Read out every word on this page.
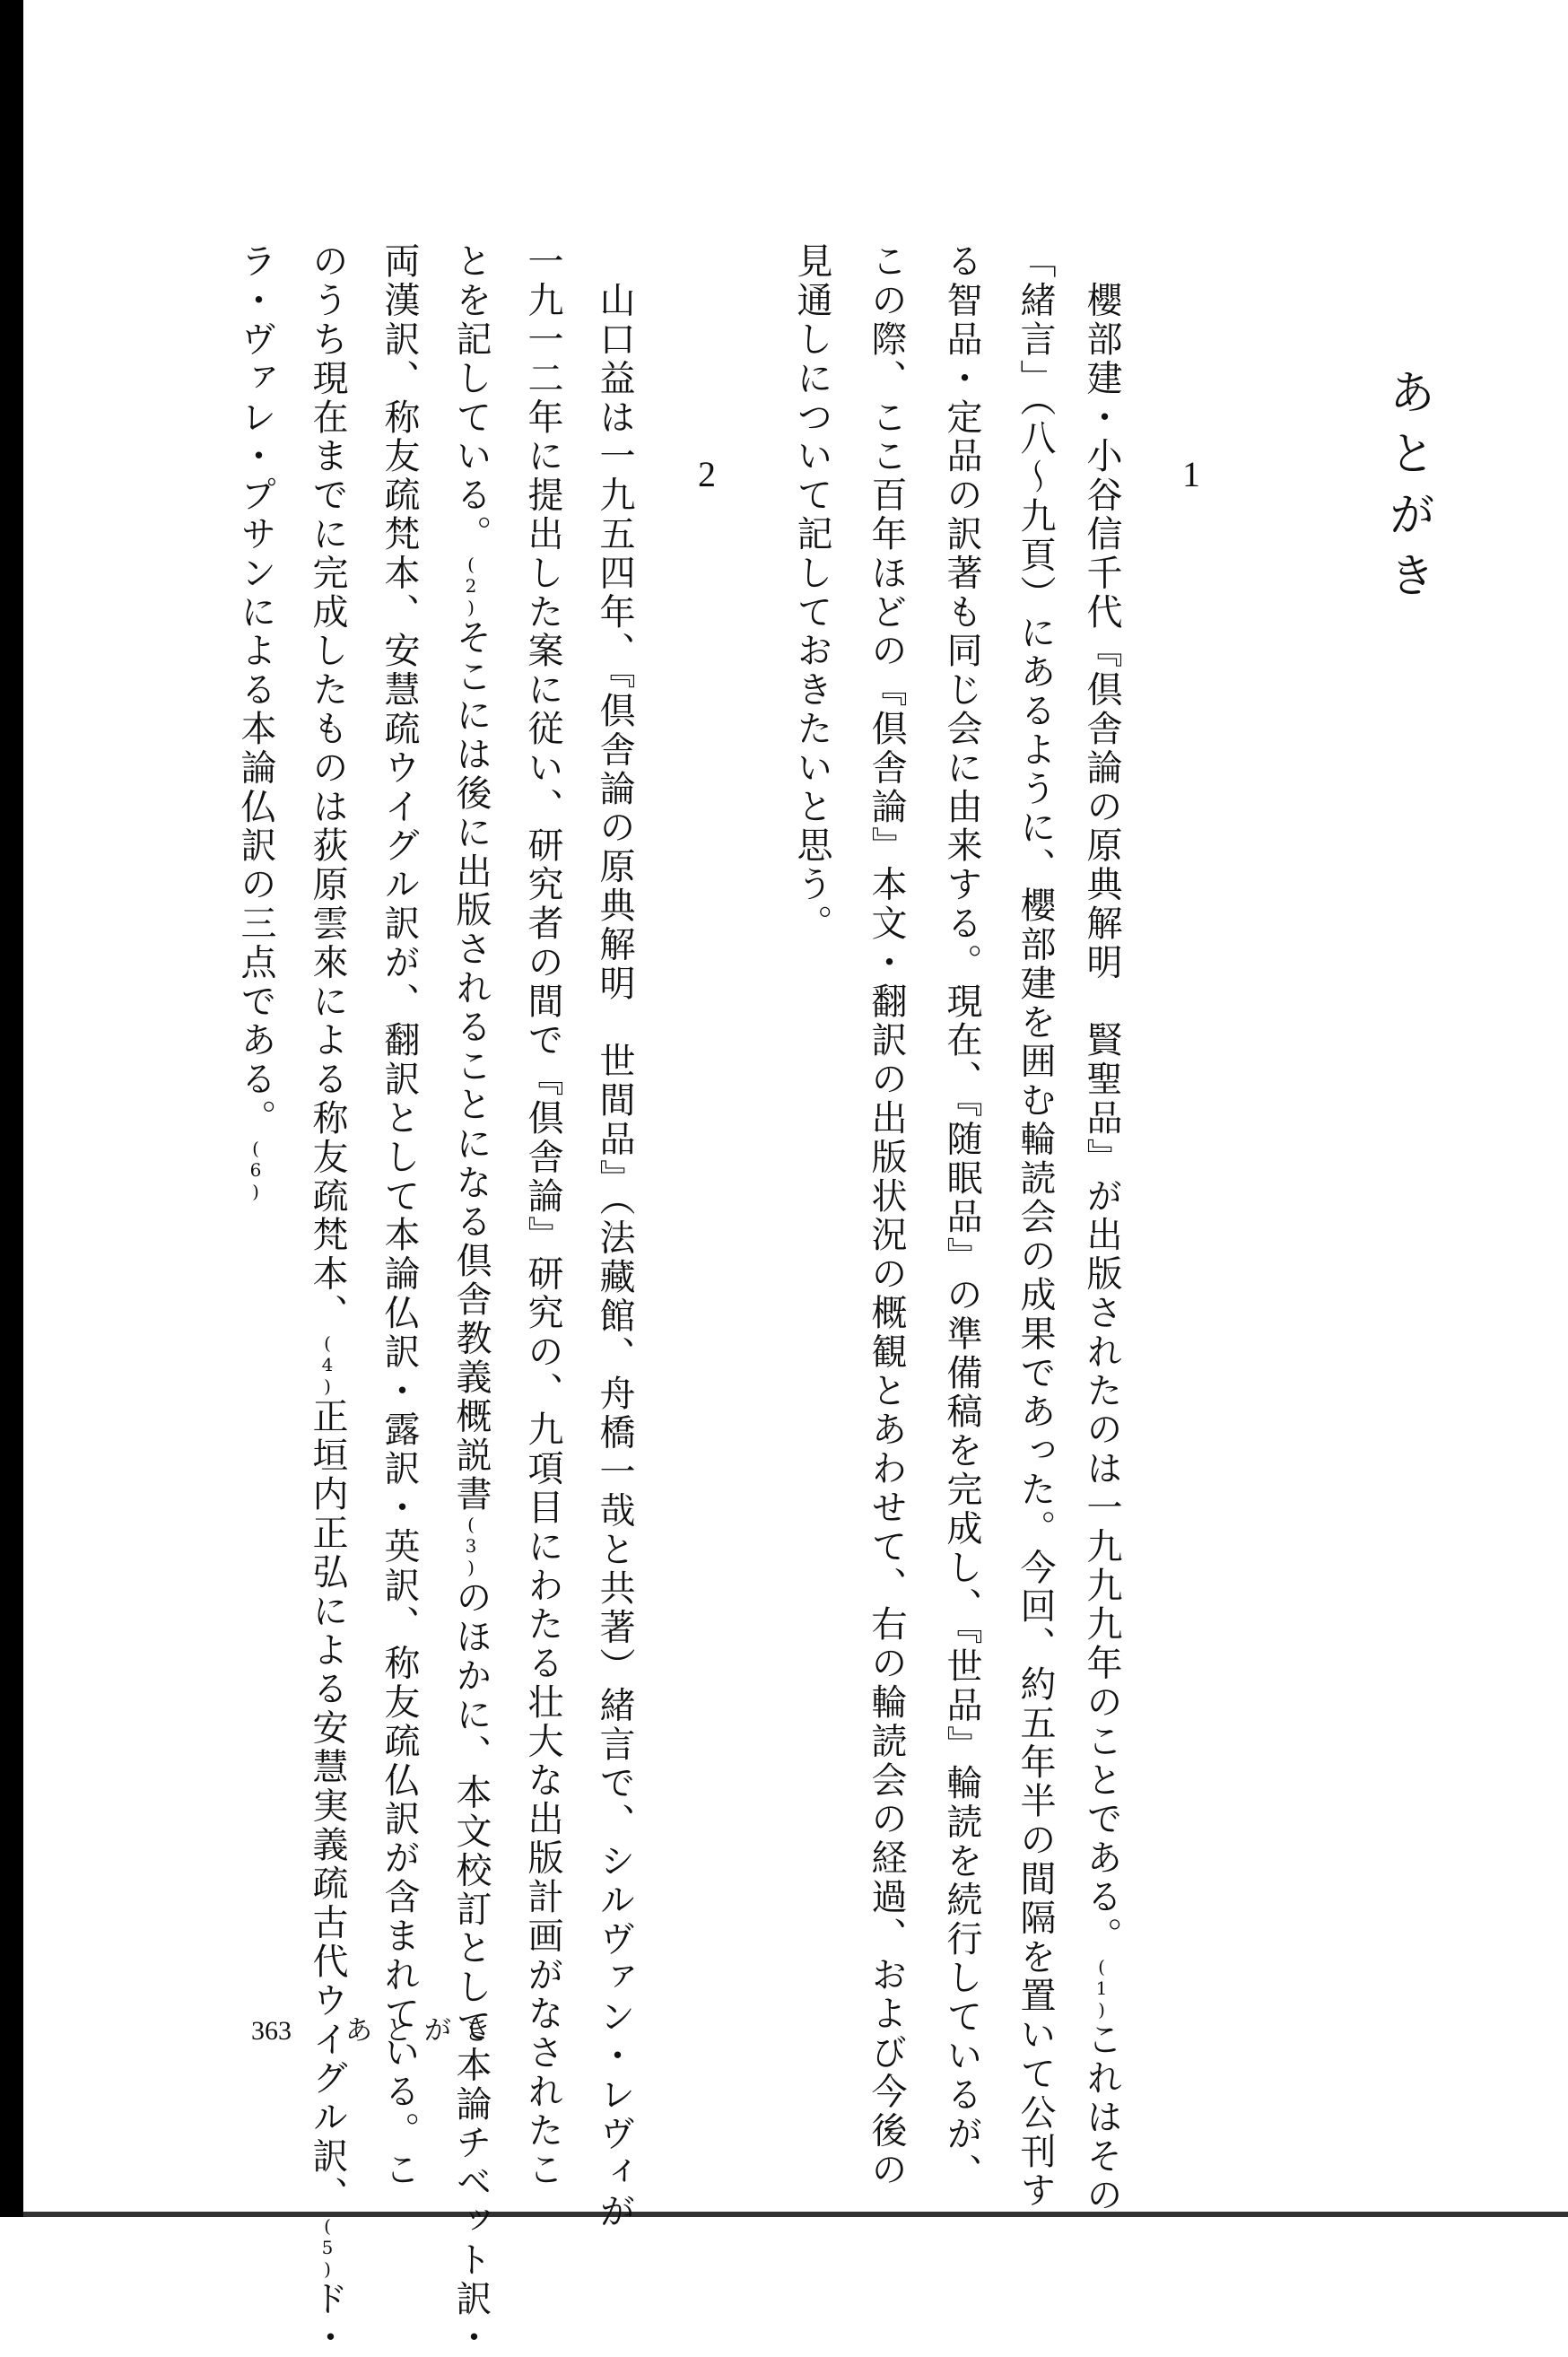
あとがき
1
　櫻部建・小谷信千代『倶舎論の原典解明　賢聖品』が出版されたのは一九九九年のことである。(1)これはその
「緒言」（八～九頁）にあるように、櫻部建を囲む輪読会の成果であった。今回、約五年半の間隔を置いて公刊す
る智品・定品の訳著も同じ会に由来する。現在、『随眠品』の準備稿を完成し、『世品』輪読を続行しているが、
この際、ここ百年ほどの『倶舎論』本文・翻訳の出版状況の概観とあわせて、右の輪読会の経過、および今後の
見通しについて記しておきたいと思う。
2
　山口益は一九五四年、『倶舎論の原典解明　世間品』（法藏館、舟橋一哉と共著）緒言で、シルヴァン・レヴィが
一九一二年に提出した案に従い、研究者の間で『倶舎論』研究の、九項目にわたる壮大な出版計画がなされたこ
とを記している。(2)そこには後に出版されることになる倶舎教義概説書(3)のほかに、本文校訂として本論チベット訳・
両漢訳、称友疏梵本、安慧疏ウイグル訳が、翻訳として本論仏訳・露訳・英訳、称友疏仏訳が含まれている。こ
のうち現在までに完成したものは荻原雲來による称友疏梵本、(4)正垣内正弘による安慧実義疏古代ウイグル訳、(5)ド・
ラ・ヴァレ・プサンによる本論仏訳の三点である。(6)
363 あとがき
